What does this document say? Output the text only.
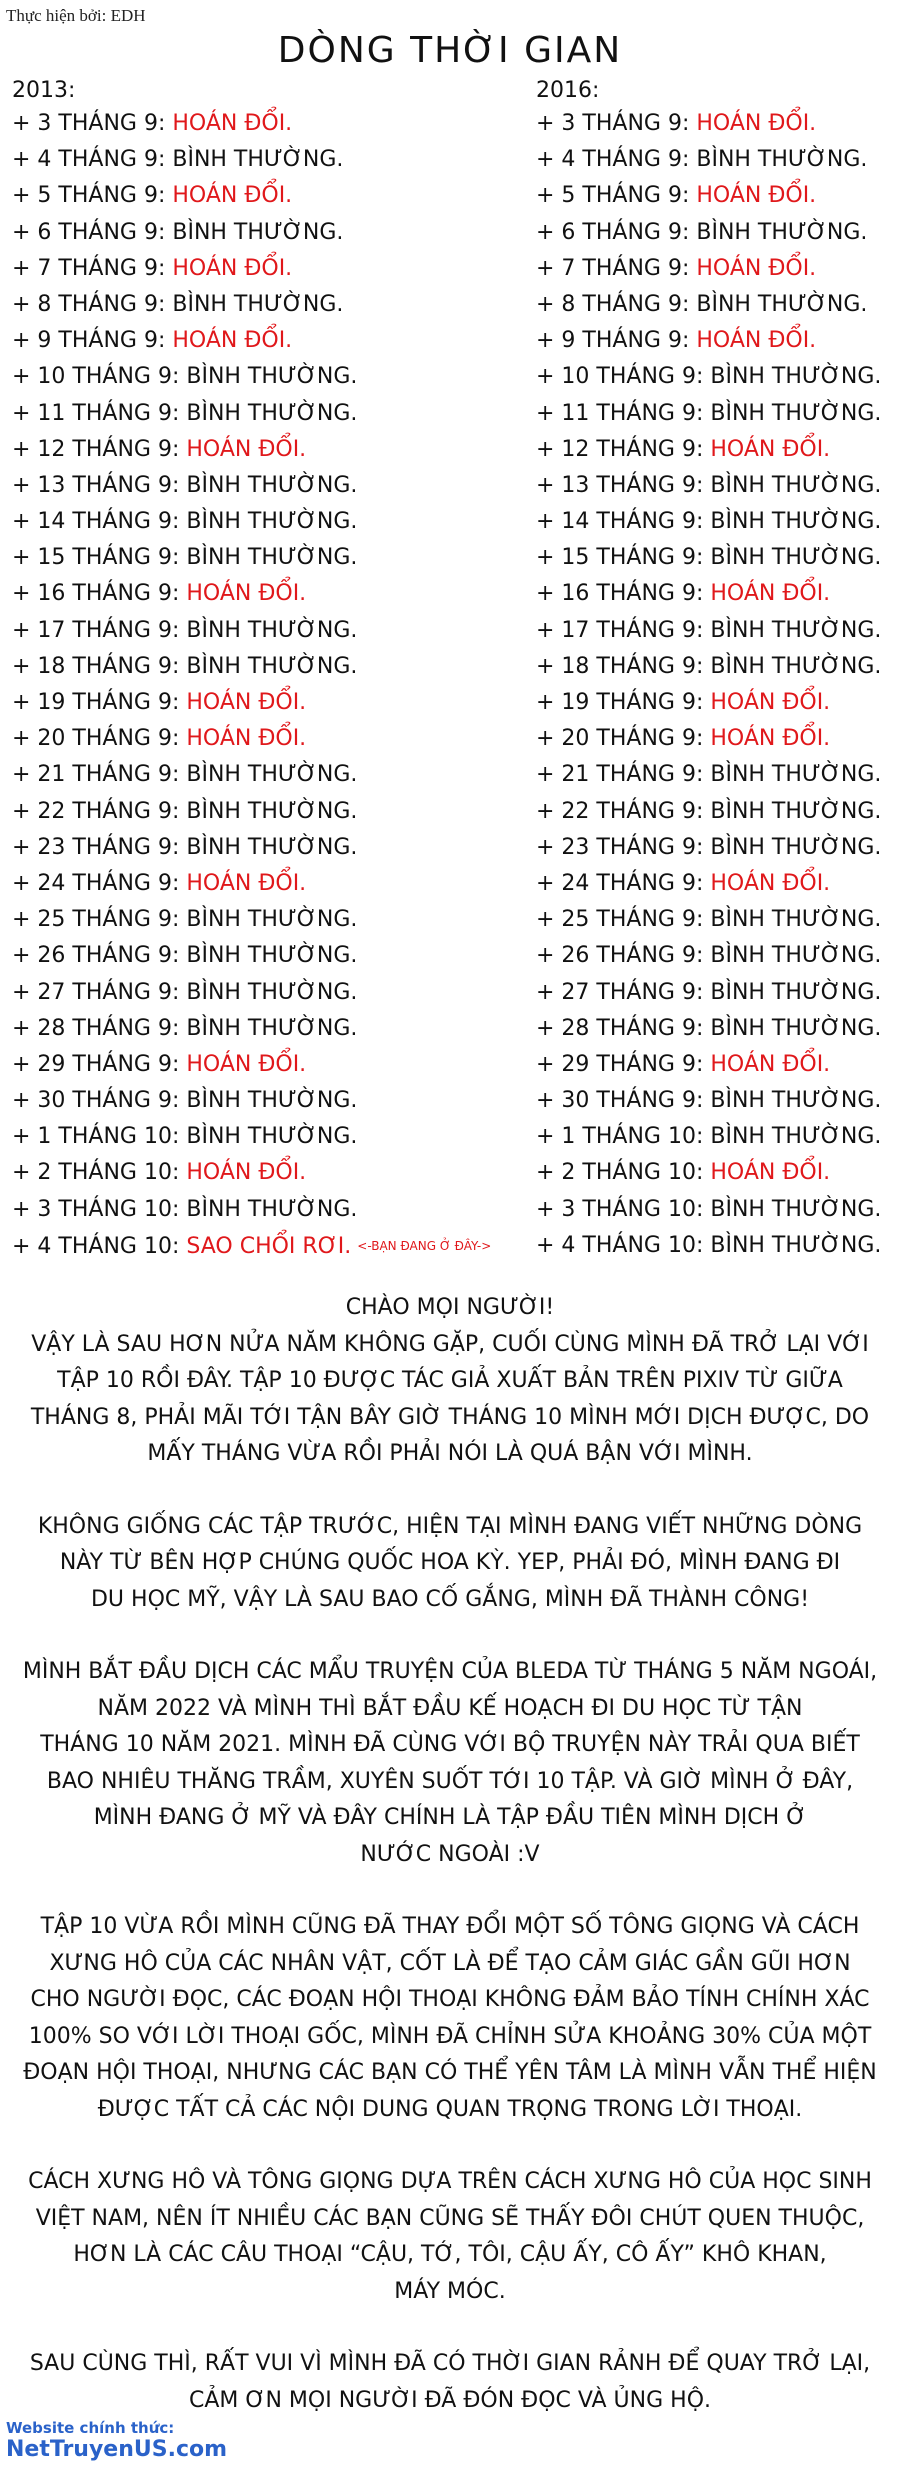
Thực hiện bởi: EDH
DÒNG THỜI GIAN
2013:
+ 3 THÁNG 9: HOÁN ĐỔI.
+ 4 THÁNG 9: BÌNH THƯỜNG.
+ 5 THÁNG 9: HOÁN ĐỔI.
+ 6 THÁNG 9: BÌNH THƯỜNG.
+ 7 THÁNG 9: HOÁN ĐỔI.
+ 8 THÁNG 9: BÌNH THƯỜNG.
+ 9 THÁNG 9: HOÁN ĐỔI.
+ 10 THÁNG 9: BÌNH THƯỜNG.
+ 11 THÁNG 9: BÌNH THƯỜNG.
+ 12 THÁNG 9: HOÁN ĐỔI.
+ 13 THÁNG 9: BÌNH THƯỜNG.
+ 14 THÁNG 9: BÌNH THƯỜNG.
+ 15 THÁNG 9: BÌNH THƯỜNG.
+ 16 THÁNG 9: HOÁN ĐỔI.
+ 17 THÁNG 9: BÌNH THƯỜNG.
+ 18 THÁNG 9: BÌNH THƯỜNG.
+ 19 THÁNG 9: HOÁN ĐỔI.
+ 20 THÁNG 9: HOÁN ĐỔI.
+ 21 THÁNG 9: BÌNH THƯỜNG.
+ 22 THÁNG 9: BÌNH THƯỜNG.
+ 23 THÁNG 9: BÌNH THƯỜNG.
+ 24 THÁNG 9: HOÁN ĐỔI.
+ 25 THÁNG 9: BÌNH THƯỜNG.
+ 26 THÁNG 9: BÌNH THƯỜNG.
+ 27 THÁNG 9: BÌNH THƯỜNG.
+ 28 THÁNG 9: BÌNH THƯỜNG.
+ 29 THÁNG 9: HOÁN ĐỔI.
+ 30 THÁNG 9: BÌNH THƯỜNG.
+ 1 THÁNG 10: BÌNH THƯỜNG.
+ 2 THÁNG 10: HOÁN ĐỔI.
+ 3 THÁNG 10: BÌNH THƯỜNG.
+ 4 THÁNG 10: SAO CHỔI RƠI. <-BẠN ĐANG Ở ĐÂY->
2016:
+ 3 THÁNG 9: HOÁN ĐỔI.
+ 4 THÁNG 9: BÌNH THƯỜNG.
+ 5 THÁNG 9: HOÁN ĐỔI.
+ 6 THÁNG 9: BÌNH THƯỜNG.
+ 7 THÁNG 9: HOÁN ĐỔI.
+ 8 THÁNG 9: BÌNH THƯỜNG.
+ 9 THÁNG 9: HOÁN ĐỔI.
+ 10 THÁNG 9: BÌNH THƯỜNG.
+ 11 THÁNG 9: BÌNH THƯỜNG.
+ 12 THÁNG 9: HOÁN ĐỔI.
+ 13 THÁNG 9: BÌNH THƯỜNG.
+ 14 THÁNG 9: BÌNH THƯỜNG.
+ 15 THÁNG 9: BÌNH THƯỜNG.
+ 16 THÁNG 9: HOÁN ĐỔI.
+ 17 THÁNG 9: BÌNH THƯỜNG.
+ 18 THÁNG 9: BÌNH THƯỜNG.
+ 19 THÁNG 9: HOÁN ĐỔI.
+ 20 THÁNG 9: HOÁN ĐỔI.
+ 21 THÁNG 9: BÌNH THƯỜNG.
+ 22 THÁNG 9: BÌNH THƯỜNG.
+ 23 THÁNG 9: BÌNH THƯỜNG.
+ 24 THÁNG 9: HOÁN ĐỔI.
+ 25 THÁNG 9: BÌNH THƯỜNG.
+ 26 THÁNG 9: BÌNH THƯỜNG.
+ 27 THÁNG 9: BÌNH THƯỜNG.
+ 28 THÁNG 9: BÌNH THƯỜNG.
+ 29 THÁNG 9: HOÁN ĐỔI.
+ 30 THÁNG 9: BÌNH THƯỜNG.
+ 1 THÁNG 10: BÌNH THƯỜNG.
+ 2 THÁNG 10: HOÁN ĐỔI.
+ 3 THÁNG 10: BÌNH THƯỜNG.
+ 4 THÁNG 10: BÌNH THƯỜNG.

CHÀO MỌI NGƯỜI!
VẬY LÀ SAU HƠN NỬA NĂM KHÔNG GẶP, CUỐI CÙNG MÌNH ĐÃ TRỞ LẠI VỚI
TẬP 10 RỒI ĐÂY. TẬP 10 ĐƯỢC TÁC GIẢ XUẤT BẢN TRÊN PIXIV TỪ GIỮA
THÁNG 8, PHẢI MÃI TỚI TẬN BÂY GIỜ THÁNG 10 MÌNH MỚI DỊCH ĐƯỢC, DO
MẤY THÁNG VỪA RỒI PHẢI NÓI LÀ QUÁ BẬN VỚI MÌNH.

KHÔNG GIỐNG CÁC TẬP TRƯỚC, HIỆN TẠI MÌNH ĐANG VIẾT NHỮNG DÒNG
NÀY TỪ BÊN HỢP CHÚNG QUỐC HOA KỲ. YEP, PHẢI ĐÓ, MÌNH ĐANG ĐI
DU HỌC MỸ, VẬY LÀ SAU BAO CỐ GẮNG, MÌNH ĐÃ THÀNH CÔNG!

MÌNH BẮT ĐẦU DỊCH CÁC MẨU TRUYỆN CỦA BLEDA TỪ THÁNG 5 NĂM NGOÁI,
NĂM 2022 VÀ MÌNH THÌ BẮT ĐẦU KẾ HOẠCH ĐI DU HỌC TỪ TẬN
THÁNG 10 NĂM 2021. MÌNH ĐÃ CÙNG VỚI BỘ TRUYỆN NÀY TRẢI QUA BIẾT
BAO NHIÊU THĂNG TRẦM, XUYÊN SUỐT TỚI 10 TẬP. VÀ GIỜ MÌNH Ở ĐÂY,
MÌNH ĐANG Ở MỸ VÀ ĐÂY CHÍNH LÀ TẬP ĐẦU TIÊN MÌNH DỊCH Ở
NƯỚC NGOÀI :V

TẬP 10 VỪA RỒI MÌNH CŨNG ĐÃ THAY ĐỔI MỘT SỐ TÔNG GIỌNG VÀ CÁCH
XƯNG HÔ CỦA CÁC NHÂN VẬT, CỐT LÀ ĐỂ TẠO CẢM GIÁC GẦN GŨI HƠN
CHO NGƯỜI ĐỌC, CÁC ĐOẠN HỘI THOẠI KHÔNG ĐẢM BẢO TÍNH CHÍNH XÁC
100% SO VỚI LỜI THOẠI GỐC, MÌNH ĐÃ CHỈNH SỬA KHOẢNG 30% CỦA MỘT
ĐOẠN HỘI THOẠI, NHƯNG CÁC BẠN CÓ THỂ YÊN TÂM LÀ MÌNH VẪN THỂ HIỆN
ĐƯỢC TẤT CẢ CÁC NỘI DUNG QUAN TRỌNG TRONG LỜI THOẠI.

CÁCH XƯNG HÔ VÀ TÔNG GIỌNG DỰA TRÊN CÁCH XƯNG HÔ CỦA HỌC SINH
VIỆT NAM, NÊN ÍT NHIỀU CÁC BẠN CŨNG SẼ THẤY ĐÔI CHÚT QUEN THUỘC,
HƠN LÀ CÁC CÂU THOẠI “CẬU, TỚ, TÔI, CẬU ẤY, CÔ ẤY” KHÔ KHAN,
MÁY MÓC.

SAU CÙNG THÌ, RẤT VUI VÌ MÌNH ĐÃ CÓ THỜI GIAN RẢNH ĐỂ QUAY TRỞ LẠI,
CẢM ƠN MỌI NGƯỜI ĐÃ ĐÓN ĐỌC VÀ ỦNG HỘ.

Website chính thức:
NetTruyenUS.com
